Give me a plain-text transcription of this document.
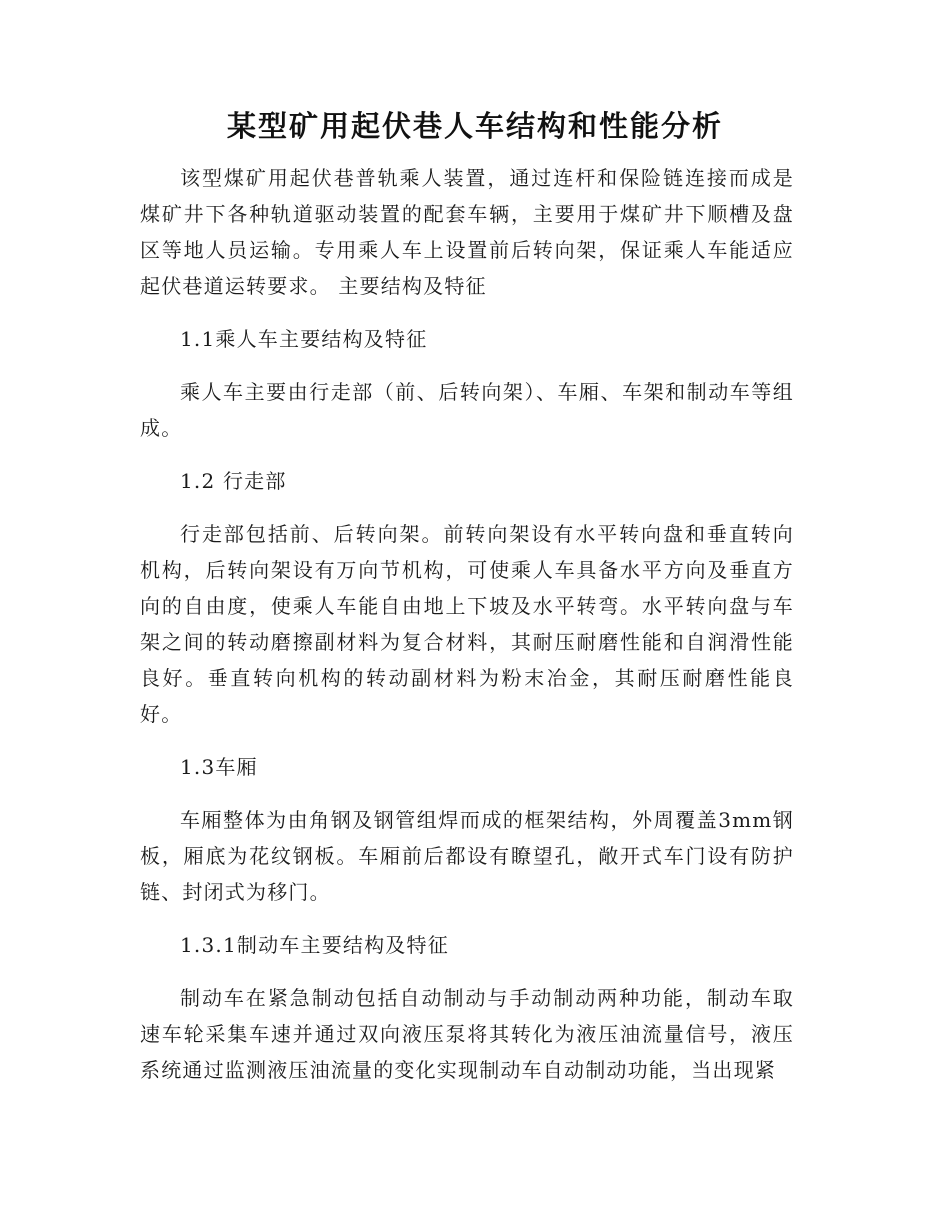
某型矿用起伏巷人车结构和性能分析

该型煤矿用起伏巷普轨乘人装置，通过连杆和保险链连接而成是煤矿井下各种轨道驱动装置的配套车辆，主要用于煤矿井下顺槽及盘区等地人员运输。专用乘人车上设置前后转向架，保证乘人车能适应起伏巷道运转要求。 主要结构及特征

1.1乘人车主要结构及特征

乘人车主要由行走部（前、后转向架）、车厢、车架和制动车等组成。

1.2 行走部

行走部包括前、后转向架。前转向架设有水平转向盘和垂直转向机构，后转向架设有万向节机构，可使乘人车具备水平方向及垂直方向的自由度，使乘人车能自由地上下坡及水平转弯。水平转向盘与车架之间的转动磨擦副材料为复合材料，其耐压耐磨性能和自润滑性能良好。垂直转向机构的转动副材料为粉末冶金，其耐压耐磨性能良好。

1.3车厢

车厢整体为由角钢及钢管组焊而成的框架结构，外周覆盖3mm钢板，厢底为花纹钢板。车厢前后都设有瞭望孔，敞开式车门设有防护链、封闭式为移门。

1.3.1制动车主要结构及特征

制动车在紧急制动包括自动制动与手动制动两种功能，制动车取速车轮采集车速并通过双向液压泵将其转化为液压油流量信号，液压系统通过监测液压油流量的变化实现制动车自动制动功能，当出现紧
